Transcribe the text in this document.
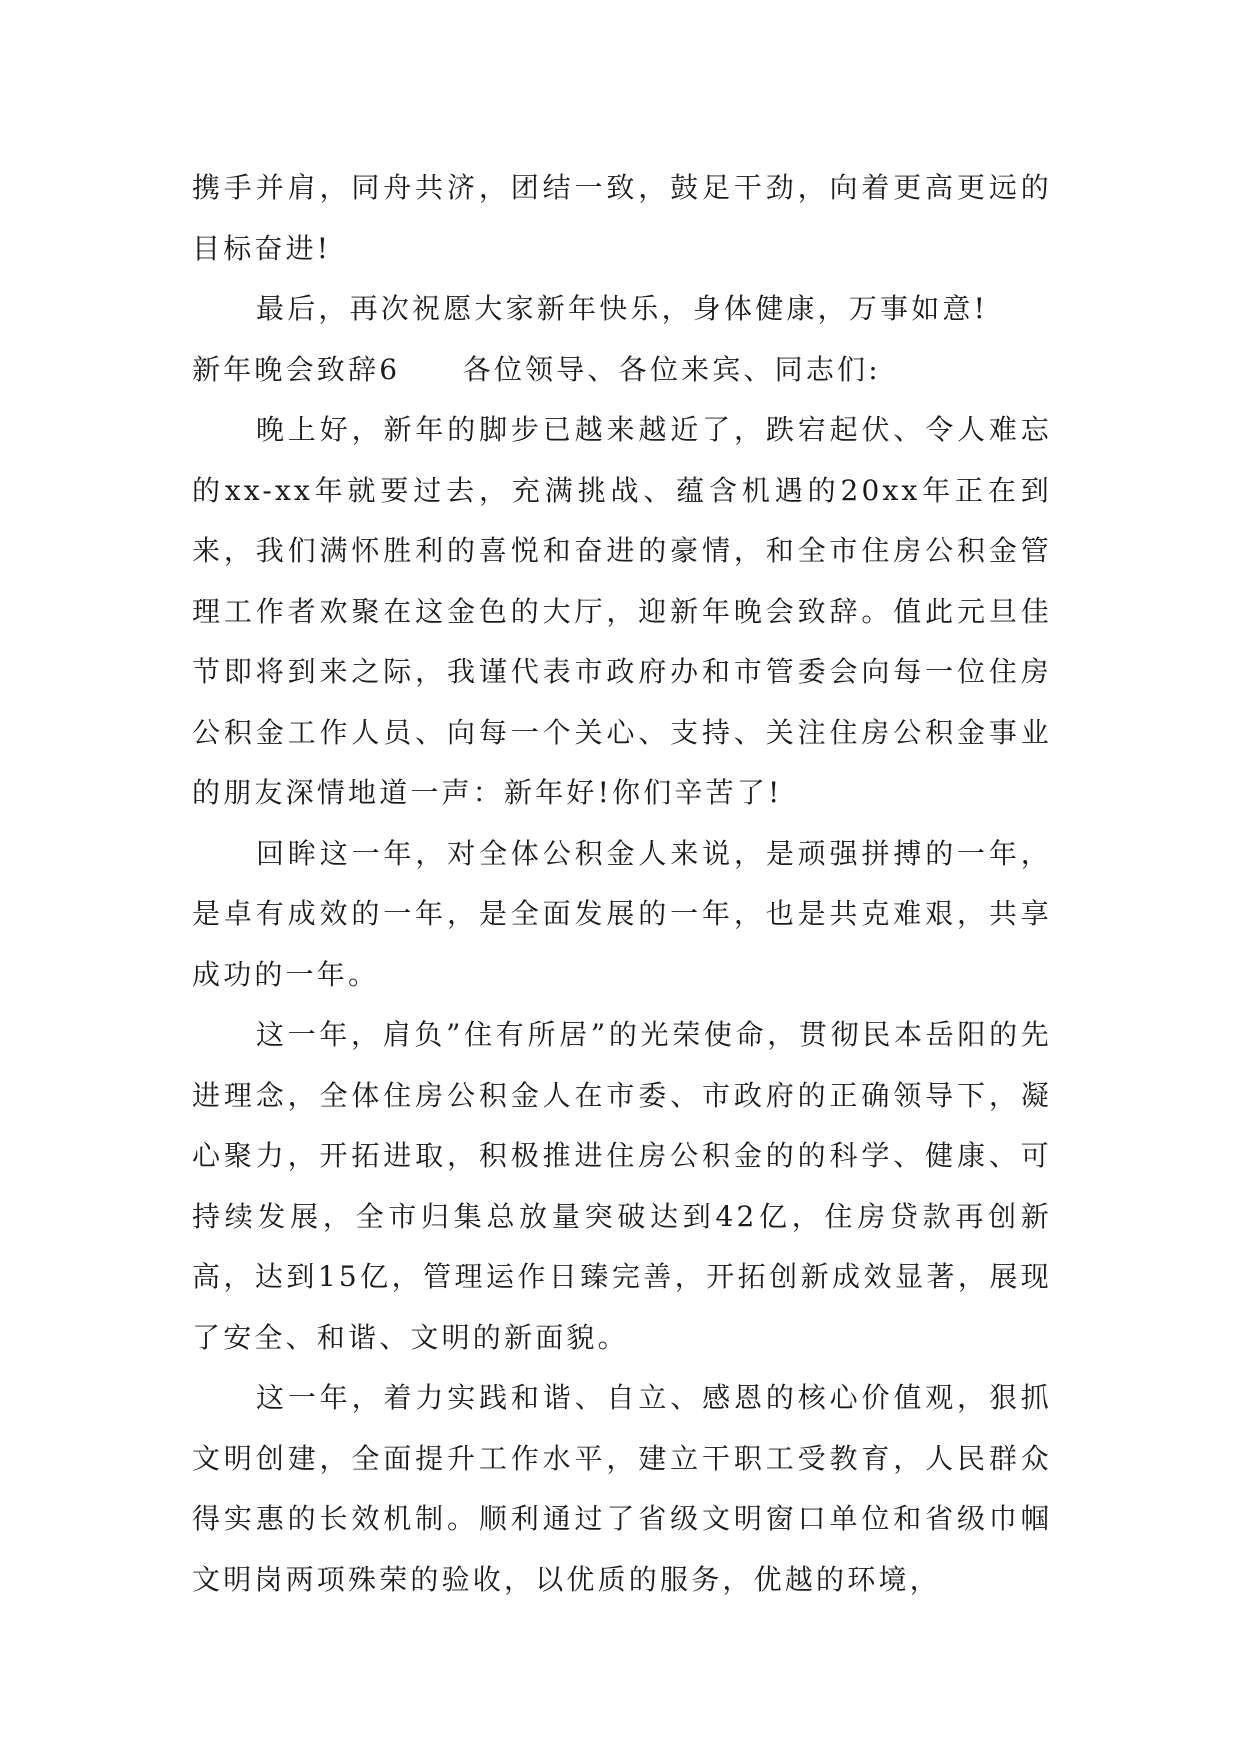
携手并肩，同舟共济，团结一致，鼓足干劲，向着更高更远的目标奋进!

最后，再次祝愿大家新年快乐，身体健康，万事如意!

新年晚会致辞6　　各位领导、各位来宾、同志们:

晚上好，新年的脚步已越来越近了，跌宕起伏、令人难忘的xx-xx年就要过去，充满挑战、蕴含机遇的20xx年正在到来，我们满怀胜利的喜悦和奋进的豪情，和全市住房公积金管理工作者欢聚在这金色的大厅，迎新年晚会致辞。值此元旦佳节即将到来之际，我谨代表市政府办和市管委会向每一位住房公积金工作人员、向每一个关心、支持、关注住房公积金事业的朋友深情地道一声：新年好!你们辛苦了!

回眸这一年，对全体公积金人来说，是顽强拼搏的一年，是卓有成效的一年，是全面发展的一年，也是共克难艰，共享成功的一年。

这一年，肩负”住有所居”的光荣使命，贯彻民本岳阳的先进理念，全体住房公积金人在市委、市政府的正确领导下，凝心聚力，开拓进取，积极推进住房公积金的的科学、健康、可持续发展，全市归集总放量突破达到42亿，住房贷款再创新高，达到15亿，管理运作日臻完善，开拓创新成效显著，展现了安全、和谐、文明的新面貌。

这一年，着力实践和谐、自立、感恩的核心价值观，狠抓文明创建，全面提升工作水平，建立干职工受教育，人民群众得实惠的长效机制。顺利通过了省级文明窗口单位和省级巾帼文明岗两项殊荣的验收，以优质的服务，优越的环境，
